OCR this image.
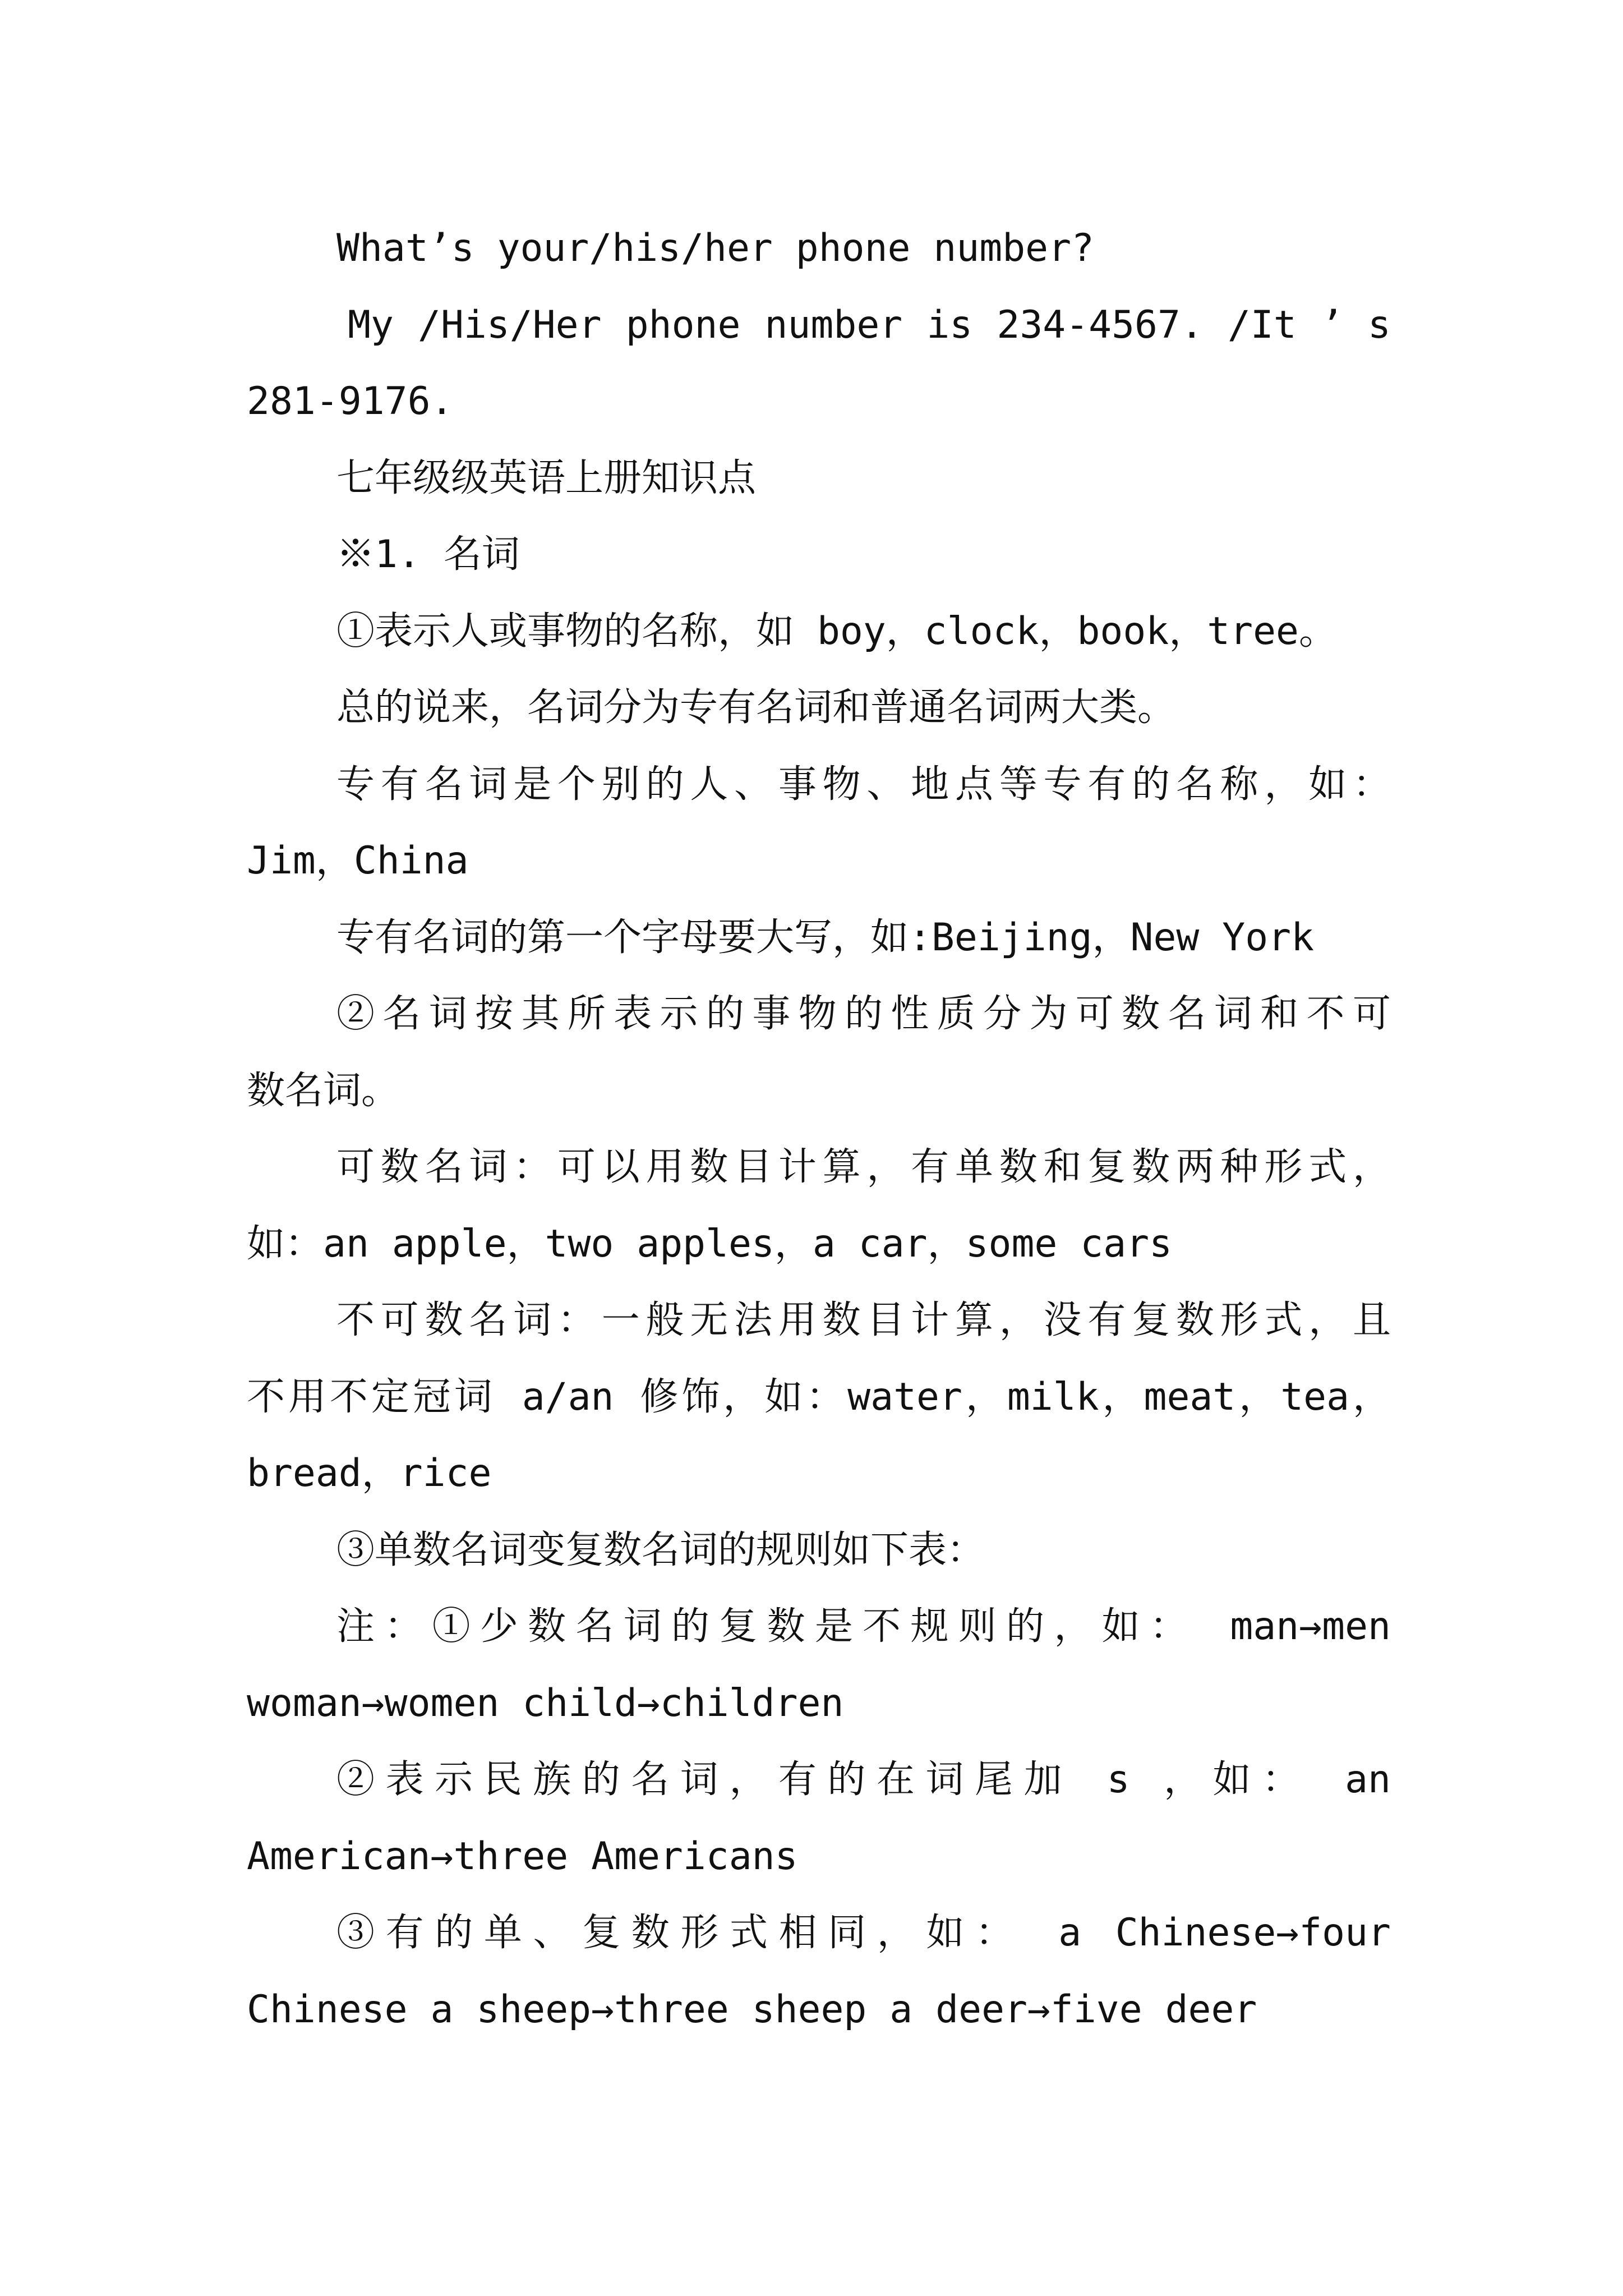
What’s your/his/her phone number?
My /His/Her phone number is 234-4567. /It ’ s
281-9176.
七年级级英语上册知识点
※1. 名词
①表示人或事物的名称，如 boy，clock，book，tree。
总的说来，名词分为专有名词和普通名词两大类。
专有名词是个别的人、事物、地点等专有的名称，如：
Jim，China
专有名词的第一个字母要大写，如:Beijing，New York
②名词按其所表示的事物的性质分为可数名词和不可
数名词。
可数名词：可以用数目计算，有单数和复数两种形式，
如：an apple，two apples，a car，some cars
不可数名词：一般无法用数目计算，没有复数形式，且
不用不定冠词 a/an 修饰，如：water，milk，meat，tea，
bread，rice
③单数名词变复数名词的规则如下表：
注：①少数名词的复数是不规则的，如： man→men
woman→women child→children
②表示民族的名词，有的在词尾加 s ，如： an
American→three Americans
③有的单、复数形式相同，如： a Chinese→four
Chinese a sheep→three sheep a deer→five deer
